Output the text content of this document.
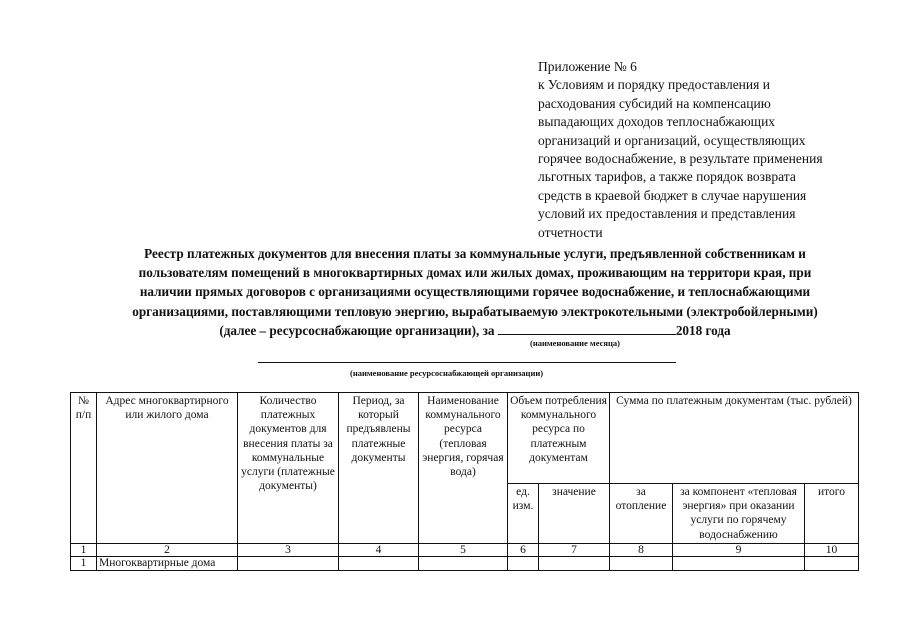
Приложение № 6
к Условиям и порядку предоставления и
расходования субсидий на компенсацию
выпадающих доходов теплоснабжающих
организаций и организаций, осуществляющих
горячее водоснабжение, в результате применения
льготных тарифов, а также порядок возврата
средств в краевой бюджет в случае нарушения
условий их предоставления и представления
отчетности
Реестр платежных документов для внесения платы за коммунальные услуги, предъявленной собственникам и
пользователям помещений в многоквартирных домах или жилых домах, проживающим на территори края, при
наличии прямых договоров с организациями осуществляющими горячее водоснабжение, и теплоснабжающими
организациями, поставляющими тепловую энергию, вырабатываемую электрокотельными (электробойлерными)
(далее – ресурсоснабжающие организации), за	2018 года
(наименование месяца)
(наименование ресурсоснабжающей организации)
№ п/п	Адрес многоквартирного или жилого дома	Количество платежных документов для внесения платы за коммунальные услуги (платежные документы)	Период, за который предъявлены платежные документы	Наименование коммунального ресурса (тепловая энергия, горячая вода)	Объем потребления коммунального ресурса по платежным документам		Сумма по платежным документам (тыс. рублей)		
					ед. изм.	значение	за отопление	за компонент «тепловая энергия» при оказании услуги по горячему водоснабжению	итого
1	2	3	4	5	6	7	8	9	10
1	Многоквартирные дома								
